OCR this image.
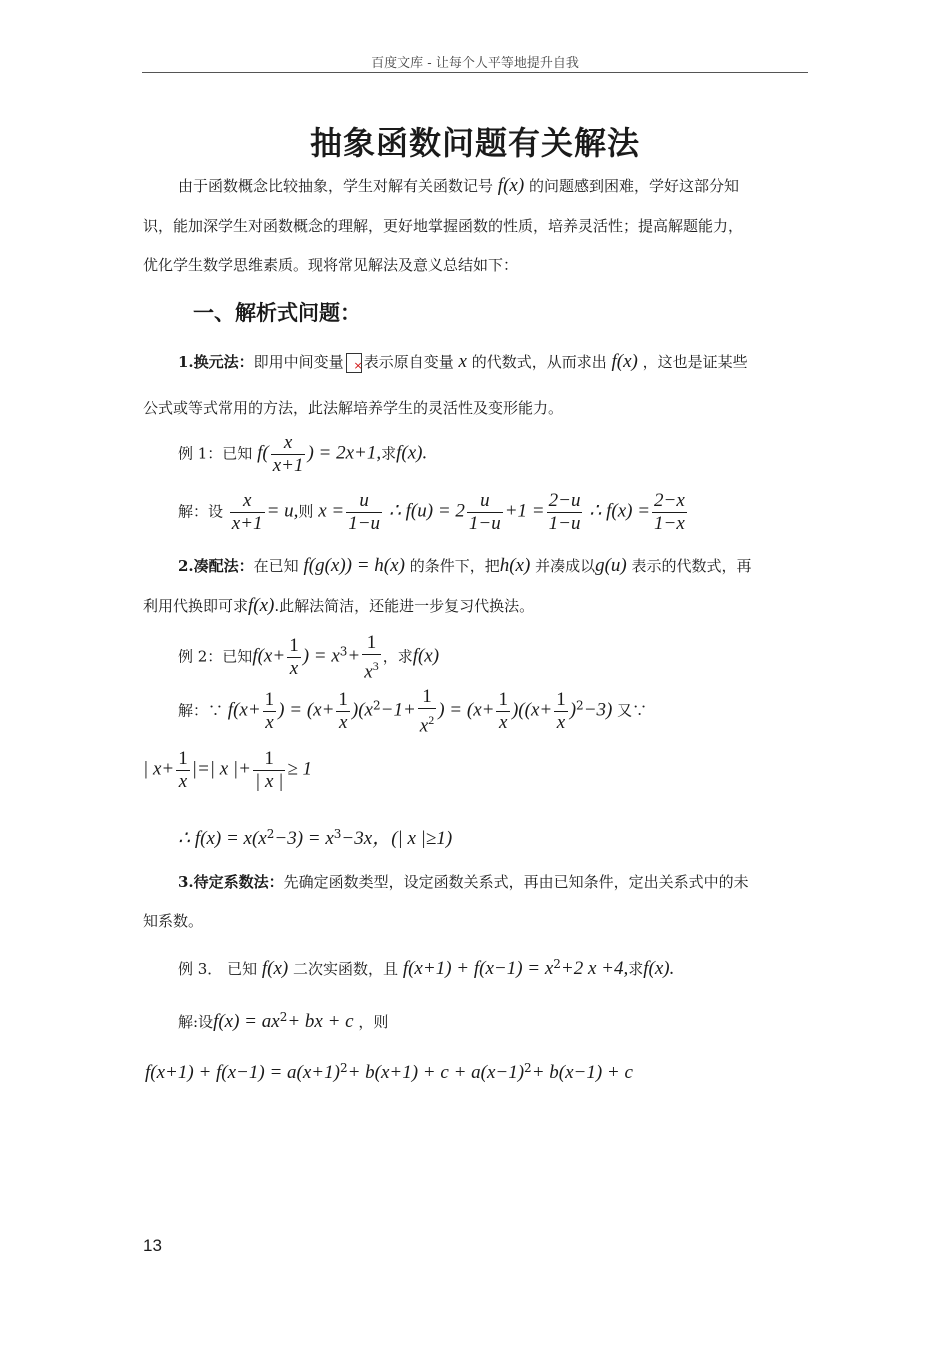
百度文库 - 让每个人平等地提升自我
抽象函数问题有关解法
由于函数概念比较抽象，学生对解有关函数记号 f(x) 的问题感到困难，学好这部分知
识，能加深学生对函数概念的理解，更好地掌握函数的性质，培养灵活性；提高解题能力，
优化学生数学思维素质。现将常见解法及意义总结如下：
一、解析式问题：
1.换元法：即用中间变量× 表示原自变量 x 的代数式，从而求出 f(x) ，这也是证某些
公式或等式常用的方法，此法解培养学生的灵活性及变形能力。
例 1：已知 $f( \frac{x}{x+1}$ ) = 2x+1,求f(x).
解：设 $\frac{x}{x+1} = u$,则 $x = \frac{u}{1-u}$ ∴ $f(u) = 2 \frac{u}{1-u} +1 = \frac{2-u}{1-u}$ ∴ $f(x) = \frac{2-x}{1-x}$
2.凑配法：在已知 f(g(x)) = h(x) 的条件下，把h(x) 并凑成以g(u) 表示的代数式，再
利用代换即可求f(x).此解法简洁，还能进一步复习代换法。
例 2：已知$f(x+ \frac{1}{x}$ ) = $x^3+ \frac{1}{x^3}$ ，求f(x)
解：∵ $f(x+ \frac{1}{x}$ ) = $(x+ \frac{1}{x} )(x^2-1+ \frac{1}{x^2}$ ) = $(x+ \frac{1}{x} )((x+ \frac{1}{x} )^2-3)$ 又∵
| $x+ \frac{1}{x}$ |=| x |+ $\frac{1}{| x |} \ge 1$
∴ $f(x) = x(x^2-3) = x^3-3x$，(| x |≥1)
3.待定系数法：先确定函数类型，设定函数关系式，再由已知条件，定出关系式中的未
知系数。
例 3． 已知 f(x) 二次实函数，且 $f(x+1) + f(x-1) = x^2+2$ x +4,求f(x).
解:设$f(x) = ax^2+$ bx + c ，则
$f(x+1) + f(x-1) = a(x+1)^2+ b(x+1) + c + a(x-1)^2+ b(x-1) + c$
13
